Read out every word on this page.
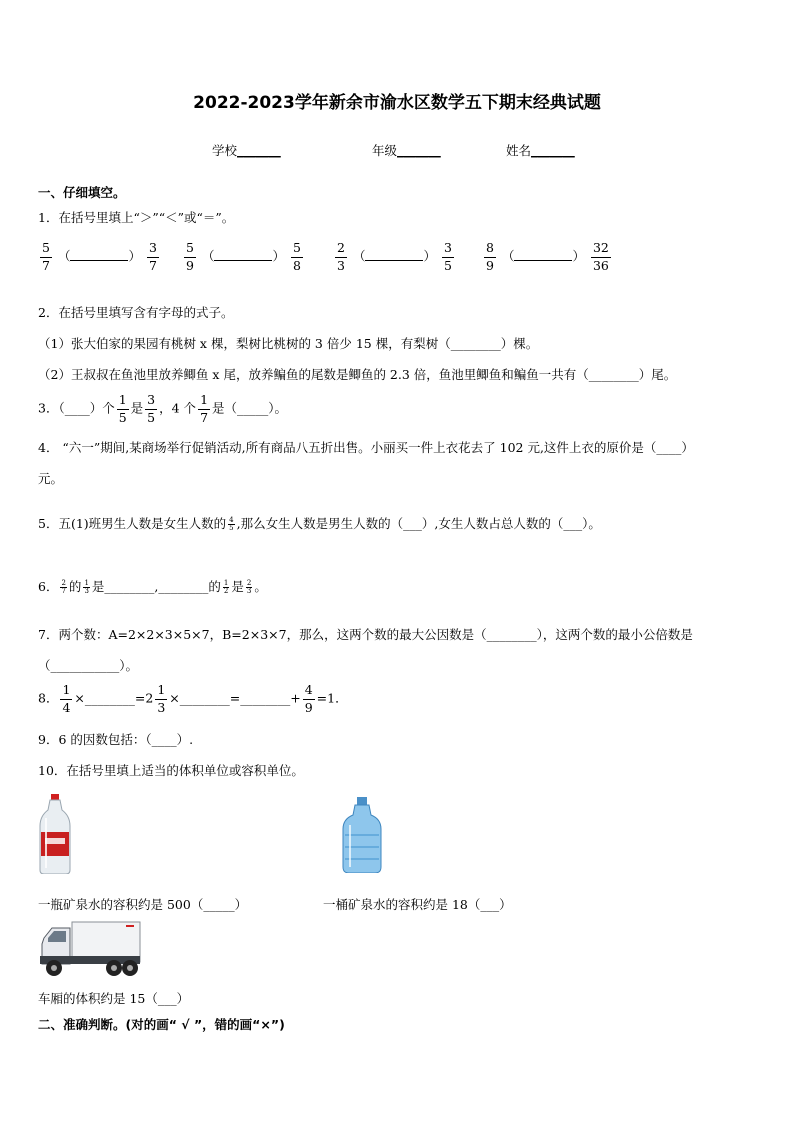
2022-2023学年新余市渝水区数学五下期末经典试题
学校_______	年级_______	姓名_______
一、仔细填空。
1．在括号里填上“＞”“＜”或“＝”。
$\frac{5}{7}$ （	） $\frac{3}{7} \frac{5}{9}$ （	） $\frac{5}{8}$	$\frac{2}{3}$ （	） $\frac{3}{5} \frac{8}{9}$ （	） $\frac{32}{36}$
2．在括号里填写含有字母的式子。
（1）张大伯家的果园有桃树 x 棵，梨树比桃树的 3 倍少 15 棵，有梨树（________）棵。
（2）王叔叔在鱼池里放养鲫鱼 x 尾，放养鳊鱼的尾数是鲫鱼的 2.3 倍，鱼池里鲫鱼和鳊鱼一共有（________）尾。
3．（____）个 $\frac{1}{5}$ 是 $\frac{3}{5}$ ，4 个 $\frac{1}{7}$ 是（_____）。
4． “六一”期间,某商场举行促销活动,所有商品八五折出售。小丽买一件上衣花去了 102 元,这件上衣的原价是（____）
元。
5．五(1)班男生人数是女生人数的 $\frac{4}{5}$ ,那么女生人数是男生人数的（___）,女生人数占总人数的（___）。
6． $\frac{2}{7}$ 的 $\frac{1}{3}$ 是________,________的 $\frac{1}{2}$ 是 $\frac{2}{3}$ 。
7．两个数：A=2×2×3×5×7，B=2×3×7，那么，这两个数的最大公因数是（________），这两个数的最小公倍数是
（___________）。
8． $\frac{1}{4}$ ×________=2 $\frac{1}{3}$ ×________=________+ $\frac{4}{9} =1$．
9．6 的因数包括：（____）.
10．在括号里填上适当的体积单位或容积单位。
一瓶矿泉水的容积约是 500（_____）	一桶矿泉水的容积约是 18（___）
车厢的体积约是 15（___）
二、准确判断。(对的画“ √ ”，错的画“×”)
